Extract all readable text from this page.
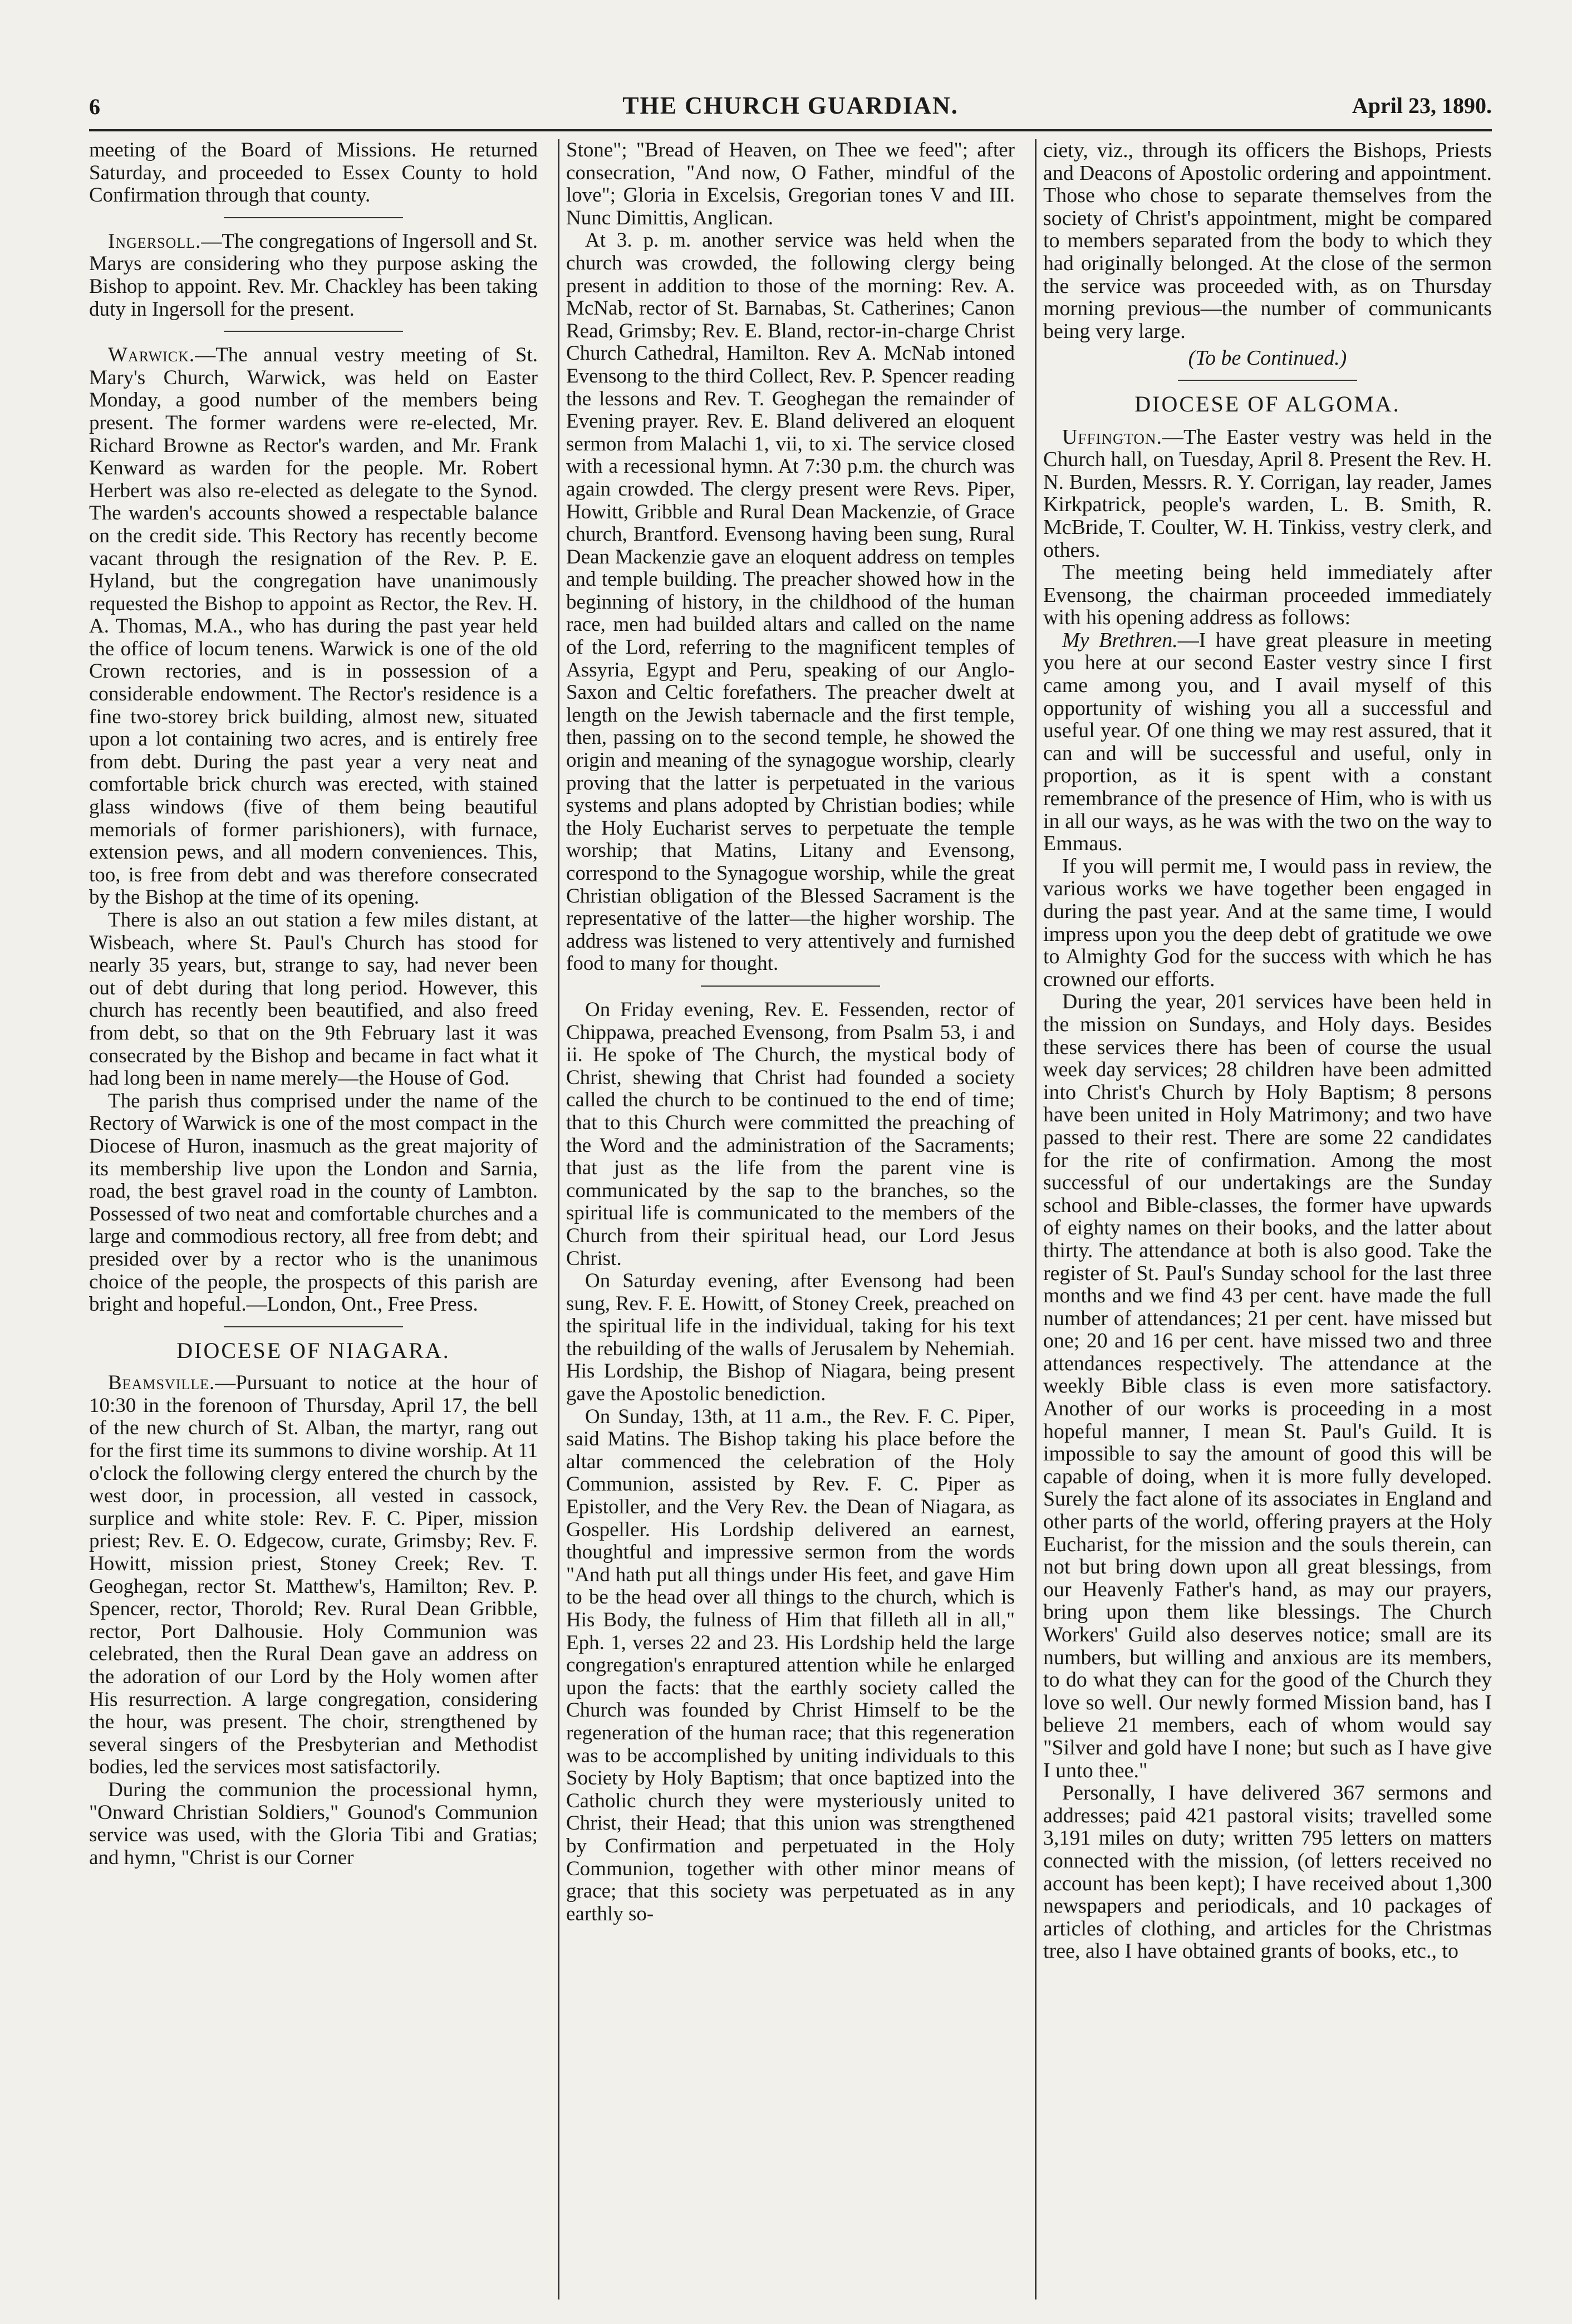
6	THE CHURCH GUARDIAN.	April 23, 1890.

meeting of the Board of Missions. He returned Saturday, and proceeded to Essex County to hold Confirmation through that county.

Ingersoll.—The congregations of Ingersoll and St. Marys are considering who they purpose asking the Bishop to appoint. Rev. Mr. Chackley has been taking duty in Ingersoll for the present.

Warwick.—The annual vestry meeting of St. Mary's Church, Warwick, was held on Easter Monday, a good number of the members being present. The former wardens were re-elected, Mr. Richard Browne as Rector's warden, and Mr. Frank Kenward as warden for the people. Mr. Robert Herbert was also re-elected as delegate to the Synod. The warden's accounts showed a respectable balance on the credit side. This Rectory has recently become vacant through the resignation of the Rev. P. E. Hyland, but the congregation have unanimously requested the Bishop to appoint as Rector, the Rev. H. A. Thomas, M.A., who has during the past year held the office of locum tenens. Warwick is one of the old Crown rectories, and is in possession of a considerable endowment. The Rector's residence is a fine two-storey brick building, almost new, situated upon a lot containing two acres, and is entirely free from debt. During the past year a very neat and comfortable brick church was erected, with stained glass windows (five of them being beautiful memorials of former parishioners), with furnace, extension pews, and all modern conveniences. This, too, is free from debt and was therefore consecrated by the Bishop at the time of its opening.

There is also an out station a few miles distant, at Wisbeach, where St. Paul's Church has stood for nearly 35 years, but, strange to say, had never been out of debt during that long period. However, this church has recently been beautified, and also freed from debt, so that on the 9th February last it was consecrated by the Bishop and became in fact what it had long been in name merely—the House of God.

The parish thus comprised under the name of the Rectory of Warwick is one of the most compact in the Diocese of Huron, inasmuch as the great majority of its membership live upon the London and Sarnia, road, the best gravel road in the county of Lambton. Possessed of two neat and comfortable churches and a large and commodious rectory, all free from debt; and presided over by a rector who is the unanimous choice of the people, the prospects of this parish are bright and hopeful.—London, Ont., Free Press.

DIOCESE OF NIAGARA.

Beamsville.—Pursuant to notice at the hour of 10:30 in the forenoon of Thursday, April 17, the bell of the new church of St. Alban, the martyr, rang out for the first time its summons to divine worship. At 11 o'clock the following clergy entered the church by the west door, in procession, all vested in cassock, surplice and white stole: Rev. F. C. Piper, mission priest; Rev. E. O. Edgecow, curate, Grimsby; Rev. F. Howitt, mission priest, Stoney Creek; Rev. T. Geoghegan, rector St. Matthew's, Hamilton; Rev. P. Spencer, rector, Thorold; Rev. Rural Dean Gribble, rector, Port Dalhousie. Holy Communion was celebrated, then the Rural Dean gave an address on the adoration of our Lord by the Holy women after His resurrection. A large congregation, considering the hour, was present. The choir, strengthened by several singers of the Presbyterian and Methodist bodies, led the services most satisfactorily.

During the communion the processional hymn, "Onward Christian Soldiers," Gounod's Communion service was used, with the Gloria Tibi and Gratias; and hymn, "Christ is our Corner

Stone"; "Bread of Heaven, on Thee we feed"; after consecration, "And now, O Father, mindful of the love"; Gloria in Excelsis, Gregorian tones V and III. Nunc Dimittis, Anglican.

At 3. p. m. another service was held when the church was crowded, the following clergy being present in addition to those of the morning: Rev. A. McNab, rector of St. Barnabas, St. Catherines; Canon Read, Grimsby; Rev. E. Bland, rector-in-charge Christ Church Cathedral, Hamilton. Rev A. McNab intoned Evensong to the third Collect, Rev. P. Spencer reading the lessons and Rev. T. Geoghegan the remainder of Evening prayer. Rev. E. Bland delivered an eloquent sermon from Malachi 1, vii, to xi. The service closed with a recessional hymn. At 7:30 p.m. the church was again crowded. The clergy present were Revs. Piper, Howitt, Gribble and Rural Dean Mackenzie, of Grace church, Brantford. Evensong having been sung, Rural Dean Mackenzie gave an eloquent address on temples and temple building. The preacher showed how in the beginning of history, in the childhood of the human race, men had builded altars and called on the name of the Lord, referring to the magnificent temples of Assyria, Egypt and Peru, speaking of our Anglo-Saxon and Celtic forefathers. The preacher dwelt at length on the Jewish tabernacle and the first temple, then, passing on to the second temple, he showed the origin and meaning of the synagogue worship, clearly proving that the latter is perpetuated in the various systems and plans adopted by Christian bodies; while the Holy Eucharist serves to perpetuate the temple worship; that Matins, Litany and Evensong, correspond to the Synagogue worship, while the great Christian obligation of the Blessed Sacrament is the representative of the latter—the higher worship. The address was listened to very attentively and furnished food to many for thought.

On Friday evening, Rev. E. Fessenden, rector of Chippawa, preached Evensong, from Psalm 53, i and ii. He spoke of The Church, the mystical body of Christ, shewing that Christ had founded a society called the church to be continued to the end of time; that to this Church were committed the preaching of the Word and the administration of the Sacraments; that just as the life from the parent vine is communicated by the sap to the branches, so the spiritual life is communicated to the members of the Church from their spiritual head, our Lord Jesus Christ.

On Saturday evening, after Evensong had been sung, Rev. F. E. Howitt, of Stoney Creek, preached on the spiritual life in the individual, taking for his text the rebuilding of the walls of Jerusalem by Nehemiah. His Lordship, the Bishop of Niagara, being present gave the Apostolic benediction.

On Sunday, 13th, at 11 a.m., the Rev. F. C. Piper, said Matins. The Bishop taking his place before the altar commenced the celebration of the Holy Communion, assisted by Rev. F. C. Piper as Epistoller, and the Very Rev. the Dean of Niagara, as Gospeller. His Lordship delivered an earnest, thoughtful and impressive sermon from the words "And hath put all things under His feet, and gave Him to be the head over all things to the church, which is His Body, the fulness of Him that filleth all in all," Eph. 1, verses 22 and 23. His Lordship held the large congregation's enraptured attention while he enlarged upon the facts: that the earthly society called the Church was founded by Christ Himself to be the regeneration of the human race; that this regeneration was to be accomplished by uniting individuals to this Society by Holy Baptism; that once baptized into the Catholic church they were mysteriously united to Christ, their Head; that this union was strengthened by Confirmation and perpetuated in the Holy Communion, together with other minor means of grace; that this society was perpetuated as in any earthly so-

ciety, viz., through its officers the Bishops, Priests and Deacons of Apostolic ordering and appointment. Those who chose to separate themselves from the society of Christ's appointment, might be compared to members separated from the body to which they had originally belonged. At the close of the sermon the service was proceeded with, as on Thursday morning previous—the number of communicants being very large.

(To be Continued.)

DIOCESE OF ALGOMA.

Uffington.—The Easter vestry was held in the Church hall, on Tuesday, April 8. Present the Rev. H. N. Burden, Messrs. R. Y. Corrigan, lay reader, James Kirkpatrick, people's warden, L. B. Smith, R. McBride, T. Coulter, W. H. Tinkiss, vestry clerk, and others.

The meeting being held immediately after Evensong, the chairman proceeded immediately with his opening address as follows:

My Brethren.—I have great pleasure in meeting you here at our second Easter vestry since I first came among you, and I avail myself of this opportunity of wishing you all a successful and useful year. Of one thing we may rest assured, that it can and will be successful and useful, only in proportion, as it is spent with a constant remembrance of the presence of Him, who is with us in all our ways, as he was with the two on the way to Emmaus.

If you will permit me, I would pass in review, the various works we have together been engaged in during the past year. And at the same time, I would impress upon you the deep debt of gratitude we owe to Almighty God for the success with which he has crowned our efforts.

During the year, 201 services have been held in the mission on Sundays, and Holy days. Besides these services there has been of course the usual week day services; 28 children have been admitted into Christ's Church by Holy Baptism; 8 persons have been united in Holy Matrimony; and two have passed to their rest. There are some 22 candidates for the rite of confirmation. Among the most successful of our undertakings are the Sunday school and Bible-classes, the former have upwards of eighty names on their books, and the latter about thirty. The attendance at both is also good. Take the register of St. Paul's Sunday school for the last three months and we find 43 per cent. have made the full number of attendances; 21 per cent. have missed but one; 20 and 16 per cent. have missed two and three attendances respectively. The attendance at the weekly Bible class is even more satisfactory. Another of our works is proceeding in a most hopeful manner, I mean St. Paul's Guild. It is impossible to say the amount of good this will be capable of doing, when it is more fully developed. Surely the fact alone of its associates in England and other parts of the world, offering prayers at the Holy Eucharist, for the mission and the souls therein, can not but bring down upon all great blessings, from our Heavenly Father's hand, as may our prayers, bring upon them like blessings. The Church Workers' Guild also deserves notice; small are its numbers, but willing and anxious are its members, to do what they can for the good of the Church they love so well. Our newly formed Mission band, has I believe 21 members, each of whom would say "Silver and gold have I none; but such as I have give I unto thee."

Personally, I have delivered 367 sermons and addresses; paid 421 pastoral visits; travelled some 3,191 miles on duty; written 795 letters on matters connected with the mission, (of letters received no account has been kept); I have received about 1,300 newspapers and periodicals, and 10 packages of articles of clothing, and articles for the Christmas tree, also I have obtained grants of books, etc., to
